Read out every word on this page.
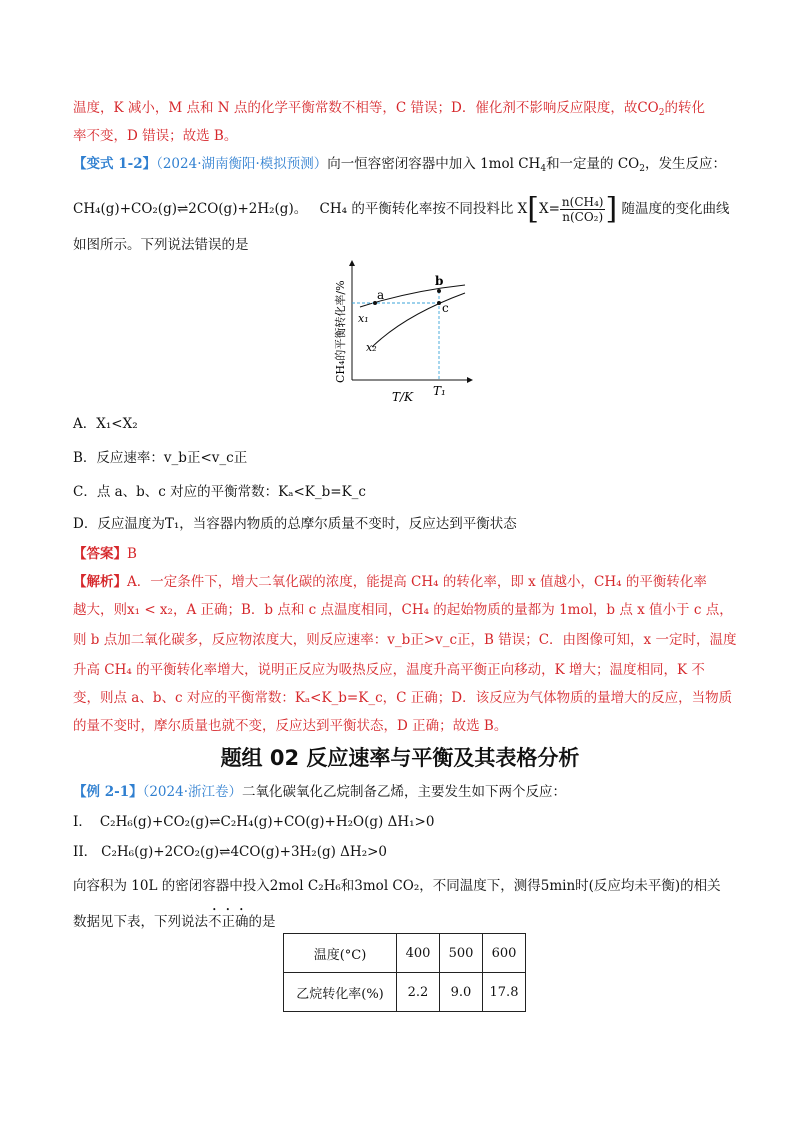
温度，K 减小，M 点和 N 点的化学平衡常数不相等，C 错误；D．催化剂不影响反应限度，故$CO_2$的转化
率不变，D 错误；故选 B。
【变式 1-2】（2024·湖南衡阳·模拟预测）向一恒容密闭容器中加入 1mol $CH_4$和一定量的 $CO_2$，发生反应：
CH₄(g)+CO₂(g)⇌2CO(g)+2H₂(g)。 CH₄ 的平衡转化率按不同投料比 $X[X= \frac{\text{n(CH₄)}}{\text{n(CO₂)}}$ ] 随温度的变化曲线
如图所示。下列说法错误的是
a
b
c
x₁
x₂
CH₄的平衡转化率/%
T/K T₁
A．X₁<X₂
B．反应速率：v_b正<v_c正
C．点 a、b、c 对应的平衡常数：Kₐ<K_b=K_c
D．反应温度为T₁，当容器内物质的总摩尔质量不变时，反应达到平衡状态
【答案】B
【解析】A．一定条件下，增大二氧化碳的浓度，能提高 CH₄ 的转化率，即 x 值越小，CH₄ 的平衡转化率
越大，则x₁ < x₂，A 正确；B．b 点和 c 点温度相同，CH₄ 的起始物质的量都为 1mol，b 点 x 值小于 c 点，
则 b 点加二氧化碳多，反应物浓度大，则反应速率：v_b正>v_c正，B 错误；C．由图像可知，x 一定时，温度
升高 CH₄ 的平衡转化率增大，说明正反应为吸热反应，温度升高平衡正向移动，K 增大；温度相同，K 不
变，则点 a、b、c 对应的平衡常数：Kₐ<K_b=K_c，C 正确；D．该反应为气体物质的量增大的反应，当物质
的量不变时，摩尔质量也就不变，反应达到平衡状态，D 正确；故选 B。
题组 02 反应速率与平衡及其表格分析
【例 2-1】（2024·浙江卷）二氧化碳氧化乙烷制备乙烯，主要发生如下两个反应：
I． C₂H₆(g)+CO₂(g)⇌C₂H₄(g)+CO(g)+H₂O(g) ΔH₁>0
II． C₂H₆(g)+2CO₂(g)⇌4CO(g)+3H₂(g) ΔH₂>0
向容积为 10L 的密闭容器中投入2mol C₂H₆和3mol CO₂，不同温度下，测得5min时(反应均未平衡)的相关
数据见下表，下列说法不正确的是
温度(°C)	400	500	600
乙烷转化率(%)	2.2	9.0	17.8
